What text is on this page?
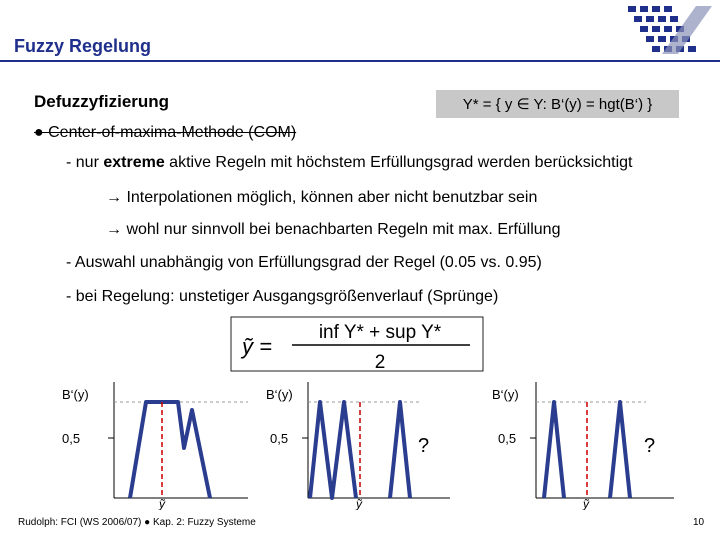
Fuzzy Regelung
Defuzzyfizierung	Y* = { y ∈ Y: B‘(y) = hgt(B‘) }
● Center-of-maxima-Methode (COM)
- nur extreme aktive Regeln mit höchstem Erfüllungsgrad werden berücksichtigt
→ Interpolationen möglich, können aber nicht benutzbar sein
→ wohl nur sinnvoll bei benachbarten Regeln mit max. Erfüllung
- Auswahl unabhängig von Erfüllungsgrad der Regel (0.05 vs. 0.95)
- bei Regelung: unstetiger Ausgangsgrößenverlauf (Sprünge)
ỹ =
inf Y* + sup Y*
2
B‘(y)
0,5
ỹ
B‘(y)
0,5	?
ỹ
B‘(y)
0,5	?
ỹ
Rudolph: FCI (WS 2006/07) ● Kap. 2: Fuzzy Systeme	10
